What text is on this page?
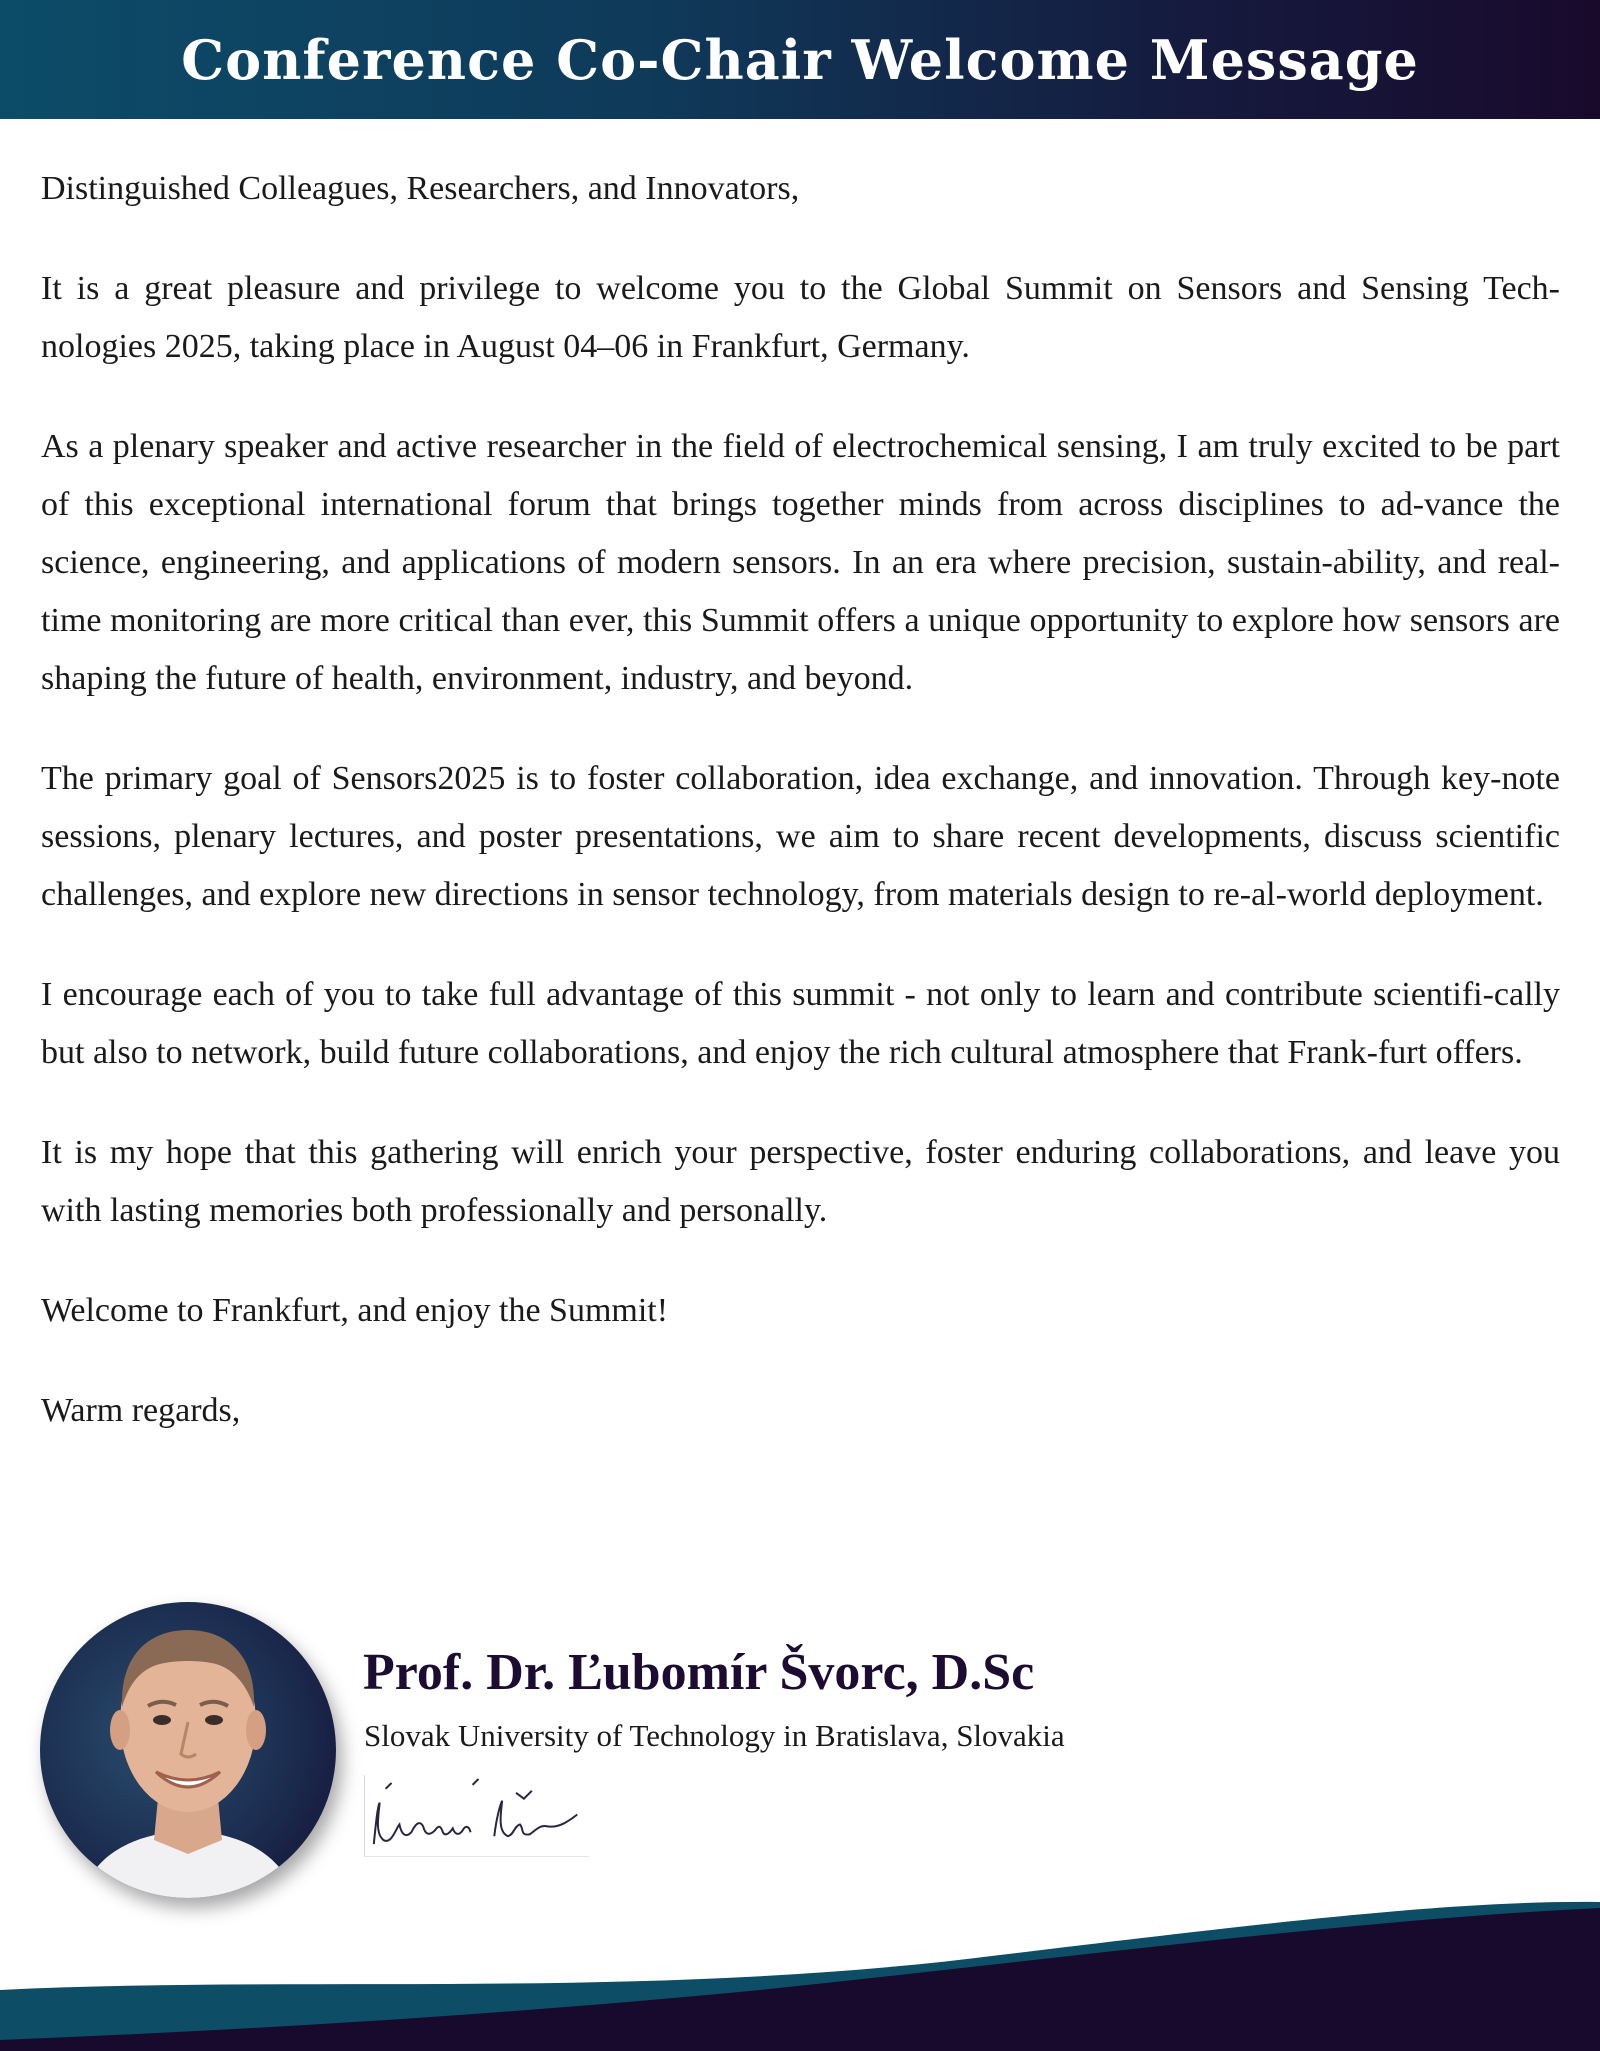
Conference Co-Chair Welcome Message

Distinguished Colleagues, Researchers, and Innovators,

It is a great pleasure and privilege to welcome you to the Global Summit on Sensors and Sensing Tech-nologies 2025, taking place in August 04–06 in Frankfurt, Germany.

As a plenary speaker and active researcher in the field of electrochemical sensing, I am truly excited to be part of this exceptional international forum that brings together minds from across disciplines to ad-vance the science, engineering, and applications of modern sensors. In an era where precision, sustain-ability, and real-time monitoring are more critical than ever, this Summit offers a unique opportunity to explore how sensors are shaping the future of health, environment, industry, and beyond.

The primary goal of Sensors2025 is to foster collaboration, idea exchange, and innovation. Through key-note sessions, plenary lectures, and poster presentations, we aim to share recent developments, discuss scientific challenges, and explore new directions in sensor technology, from materials design to re-al-world deployment.

I encourage each of you to take full advantage of this summit - not only to learn and contribute scientifi-cally but also to network, build future collaborations, and enjoy the rich cultural atmosphere that Frank-furt offers.

It is my hope that this gathering will enrich your perspective, foster enduring collaborations, and leave you with lasting memories both professionally and personally.

Welcome to Frankfurt, and enjoy the Summit!

Warm regards,

Prof. Dr. Ľubomír Švorc, D.Sc
Slovak University of Technology in Bratislava, Slovakia
